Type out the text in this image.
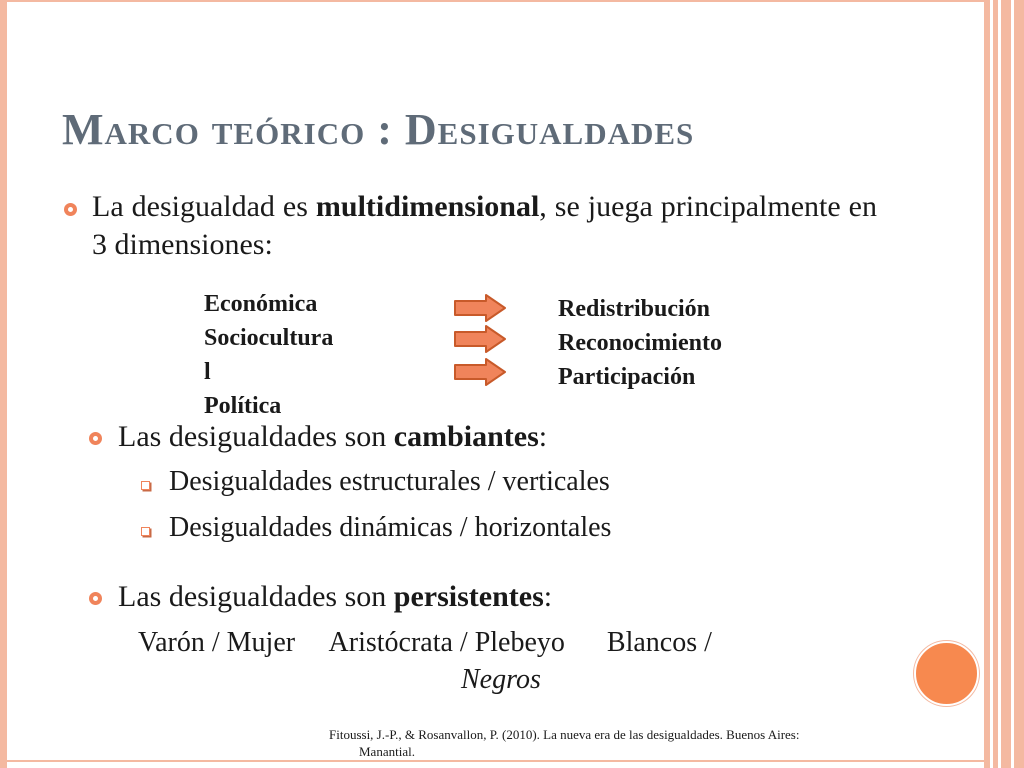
Marco teórico : Desigualdades

La desigualdad es multidimensional, se juega principalmente en 3 dimensiones:

Económica
Sociocultura
l
Política
Redistribución
Reconocimiento
Participación

Las desigualdades son cambiantes:

Desigualdades estructurales / verticales
Desigualdades dinámicas / horizontales

Las desigualdades son persistentes:

Varón / Mujer     Aristócrata / Plebeyo      Blancos /
Negros
Fitoussi, J.-P., & Rosanvallon, P. (2010). La nueva era de las desigualdades. Buenos Aires:
Manantial.
